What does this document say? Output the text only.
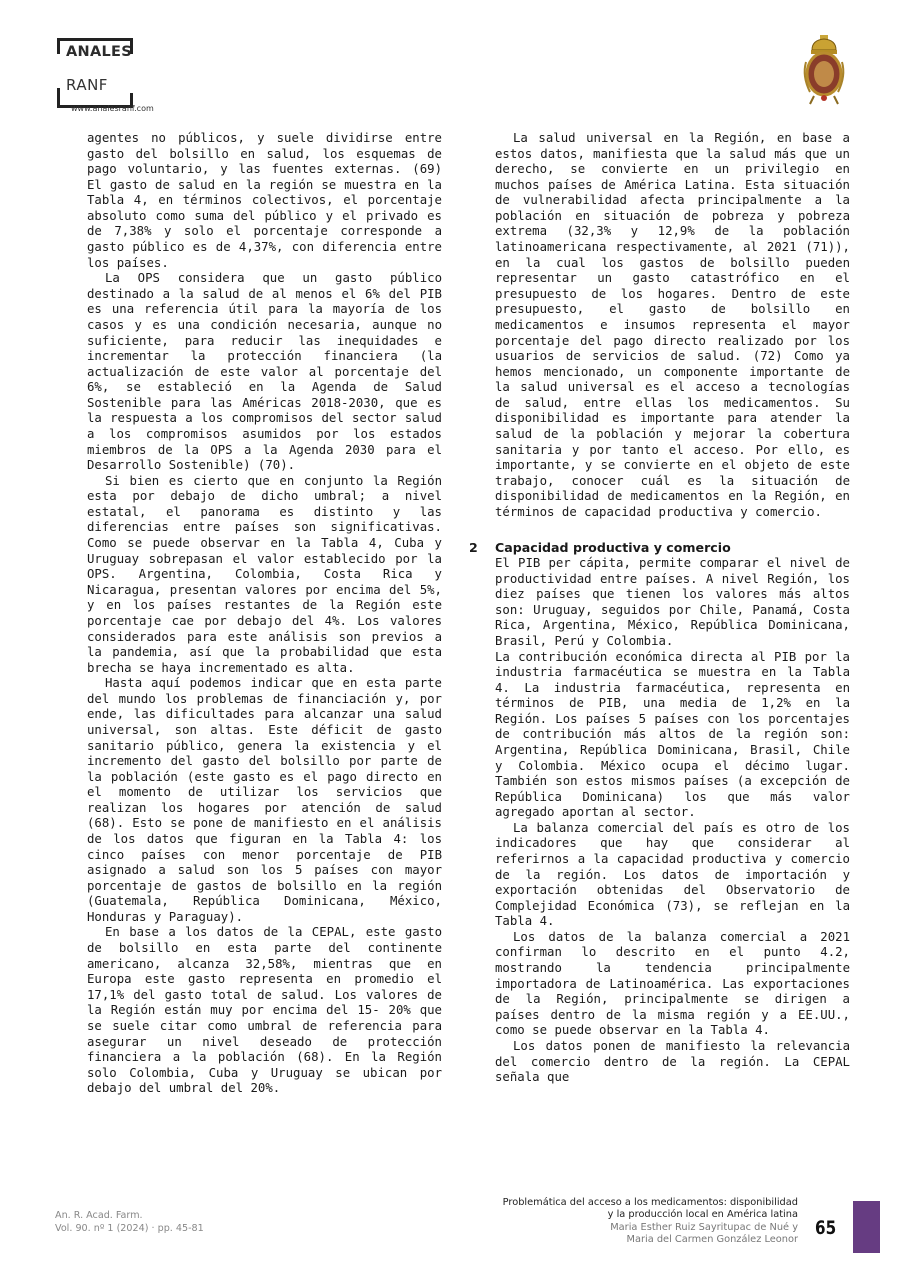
ANALES
RANF
www.analesranf.com

agentes no públicos, y suele dividirse entre gasto del bolsillo en salud, los esquemas de pago voluntario, y las fuentes externas. (69) El gasto de salud en la región se muestra en la Tabla 4, en términos colectivos, el porcentaje absoluto como suma del público y el privado es de 7,38% y solo el porcentaje corresponde a gasto público es de 4,37%, con diferencia entre los países.

La OPS considera que un gasto público destinado a la salud de al menos el 6% del PIB es una referencia útil para la mayoría de los casos y es una condición necesaria, aunque no suficiente, para reducir las inequidades e incrementar la protección financiera (la actualización de este valor al porcentaje del 6%, se estableció en la Agenda de Salud Sostenible para las Américas 2018-2030, que es la respuesta a los compromisos del sector salud a los compromisos asumidos por los estados miembros de la OPS a la Agenda 2030 para el Desarrollo Sostenible) (70).

Si bien es cierto que en conjunto la Región esta por debajo de dicho umbral; a nivel estatal, el panorama es distinto y las diferencias entre países son significativas. Como se puede observar en la Tabla 4, Cuba y Uruguay sobrepasan el valor establecido por la OPS. Argentina, Colombia, Costa Rica y Nicaragua, presentan valores por encima del 5%, y en los países restantes de la Región este porcentaje cae por debajo del 4%. Los valores considerados para este análisis son previos a la pandemia, así que la probabilidad que esta brecha se haya incrementado es alta.

Hasta aquí podemos indicar que en esta parte del mundo los problemas de financiación y, por ende, las dificultades para alcanzar una salud universal, son altas. Este déficit de gasto sanitario público, genera la existencia y el incremento del gasto del bolsillo por parte de la población (este gasto es el pago directo en el momento de utilizar los servicios que realizan los hogares por atención de salud (68). Esto se pone de manifiesto en el análisis de los datos que figuran en la Tabla 4: los cinco países con menor porcentaje de PIB asignado a salud son los 5 países con mayor porcentaje de gastos de bolsillo en la región (Guatemala, República Dominicana, México, Honduras y Paraguay).

En base a los datos de la CEPAL, este gasto de bolsillo en esta parte del continente americano, alcanza 32,58%, mientras que en Europa este gasto representa en promedio el 17,1% del gasto total de salud. Los valores de la Región están muy por encima del 15- 20% que se suele citar como umbral de referencia para asegurar un nivel deseado de protección financiera a la población (68). En la Región solo Colombia, Cuba y Uruguay se ubican por debajo del umbral del 20%.

La salud universal en la Región, en base a estos datos, manifiesta que la salud más que un derecho, se convierte en un privilegio en muchos países de América Latina. Esta situación de vulnerabilidad afecta principalmente a la población en situación de pobreza y pobreza extrema (32,3% y 12,9% de la población latinoamericana respectivamente, al 2021 (71)), en la cual los gastos de bolsillo pueden representar un gasto catastrófico en el presupuesto de los hogares. Dentro de este presupuesto, el gasto de bolsillo en medicamentos e insumos representa el mayor porcentaje del pago directo realizado por los usuarios de servicios de salud. (72) Como ya hemos mencionado, un componente importante de la salud universal es el acceso a tecnologías de salud, entre ellas los medicamentos. Su disponibilidad es importante para atender la salud de la población y mejorar la cobertura sanitaria y por tanto el acceso. Por ello, es importante, y se convierte en el objeto de este trabajo, conocer cuál es la situación de disponibilidad de medicamentos en la Región, en términos de capacidad productiva y comercio.

2 Capacidad productiva y comercio

El PIB per cápita, permite comparar el nivel de productividad entre países. A nivel Región, los diez países que tienen los valores más altos son: Uruguay, seguidos por Chile, Panamá, Costa Rica, Argentina, México, República Dominicana, Brasil, Perú y Colombia.

La contribución económica directa al PIB por la industria farmacéutica se muestra en la Tabla 4. La industria farmacéutica, representa en términos de PIB, una media de 1,2% en la Región. Los países 5 países con los porcentajes de contribución más altos de la región son: Argentina, República Dominicana, Brasil, Chile y Colombia. México ocupa el décimo lugar. También son estos mismos países (a excepción de República Dominicana) los que más valor agregado aportan al sector.

La balanza comercial del país es otro de los indicadores que hay que considerar al referirnos a la capacidad productiva y comercio de la región. Los datos de importación y exportación obtenidas del Observatorio de Complejidad Económica (73), se reflejan en la Tabla 4.

Los datos de la balanza comercial a 2021 confirman lo descrito en el punto 4.2, mostrando la tendencia principalmente importadora de Latinoamérica. Las exportaciones de la Región, principalmente se dirigen a países dentro de la misma región y a EE.UU., como se puede observar en la Tabla 4.

Los datos ponen de manifiesto la relevancia del comercio dentro de la región. La CEPAL señala que

An. R. Acad. Farm.
Vol. 90. nº 1 (2024) · pp. 45-81
Problemática del acceso a los medicamentos: disponibilidad
y la producción local en América latina
Maria Esther Ruiz Sayritupac de Nué y
Maria del Carmen González Leonor
65
